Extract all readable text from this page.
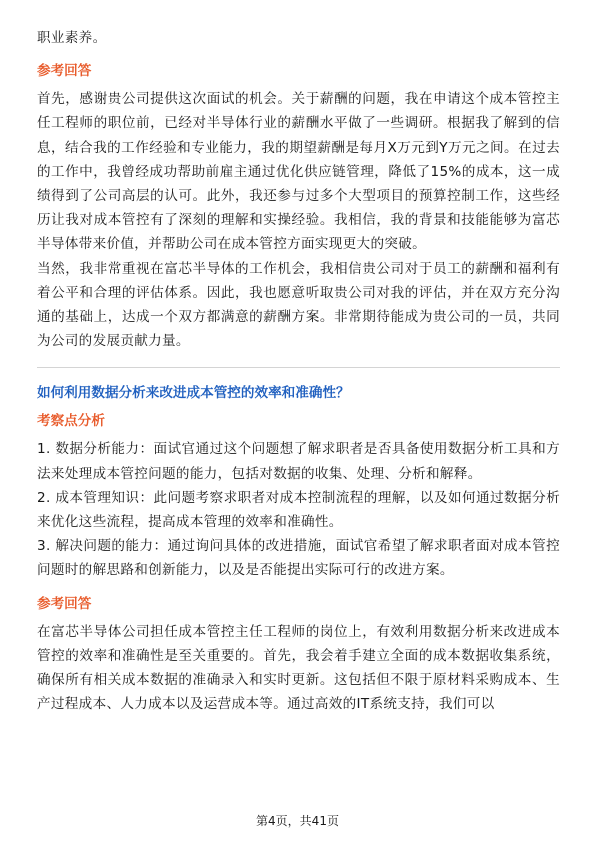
职业素养。

参考回答

首先，感谢贵公司提供这次面试的机会。关于薪酬的问题，我在申请这个成本管控主任工程师的职位前，已经对半导体行业的薪酬水平做了一些调研。根据我了解到的信息，结合我的工作经验和专业能力，我的期望薪酬是每月X万元到Y万元之间。在过去的工作中，我曾经成功帮助前雇主通过优化供应链管理，降低了15%的成本，这一成绩得到了公司高层的认可。此外，我还参与过多个大型项目的预算控制工作，这些经历让我对成本管控有了深刻的理解和实操经验。我相信，我的背景和技能能够为富芯半导体带来价值，并帮助公司在成本管控方面实现更大的突破。

当然，我非常重视在富芯半导体的工作机会，我相信贵公司对于员工的薪酬和福利有着公平和合理的评估体系。因此，我也愿意听取贵公司对我的评估，并在双方充分沟通的基础上，达成一个双方都满意的薪酬方案。非常期待能成为贵公司的一员，共同为公司的发展贡献力量。

如何利用数据分析来改进成本管控的效率和准确性？
考察点分析

1. 数据分析能力：面试官通过这个问题想了解求职者是否具备使用数据分析工具和方法来处理成本管控问题的能力，包括对数据的收集、处理、分析和解释。

2. 成本管理知识：此问题考察求职者对成本控制流程的理解，以及如何通过数据分析来优化这些流程，提高成本管理的效率和准确性。

3. 解决问题的能力：通过询问具体的改进措施，面试官希望了解求职者面对成本管控问题时的解思路和创新能力，以及是否能提出实际可行的改进方案。

参考回答

在富芯半导体公司担任成本管控主任工程师的岗位上，有效利用数据分析来改进成本管控的效率和准确性是至关重要的。首先，我会着手建立全面的成本数据收集系统，确保所有相关成本数据的准确录入和实时更新。这包括但不限于原材料采购成本、生产过程成本、人力成本以及运营成本等。通过高效的IT系统支持，我们可以

第4页，共41页
